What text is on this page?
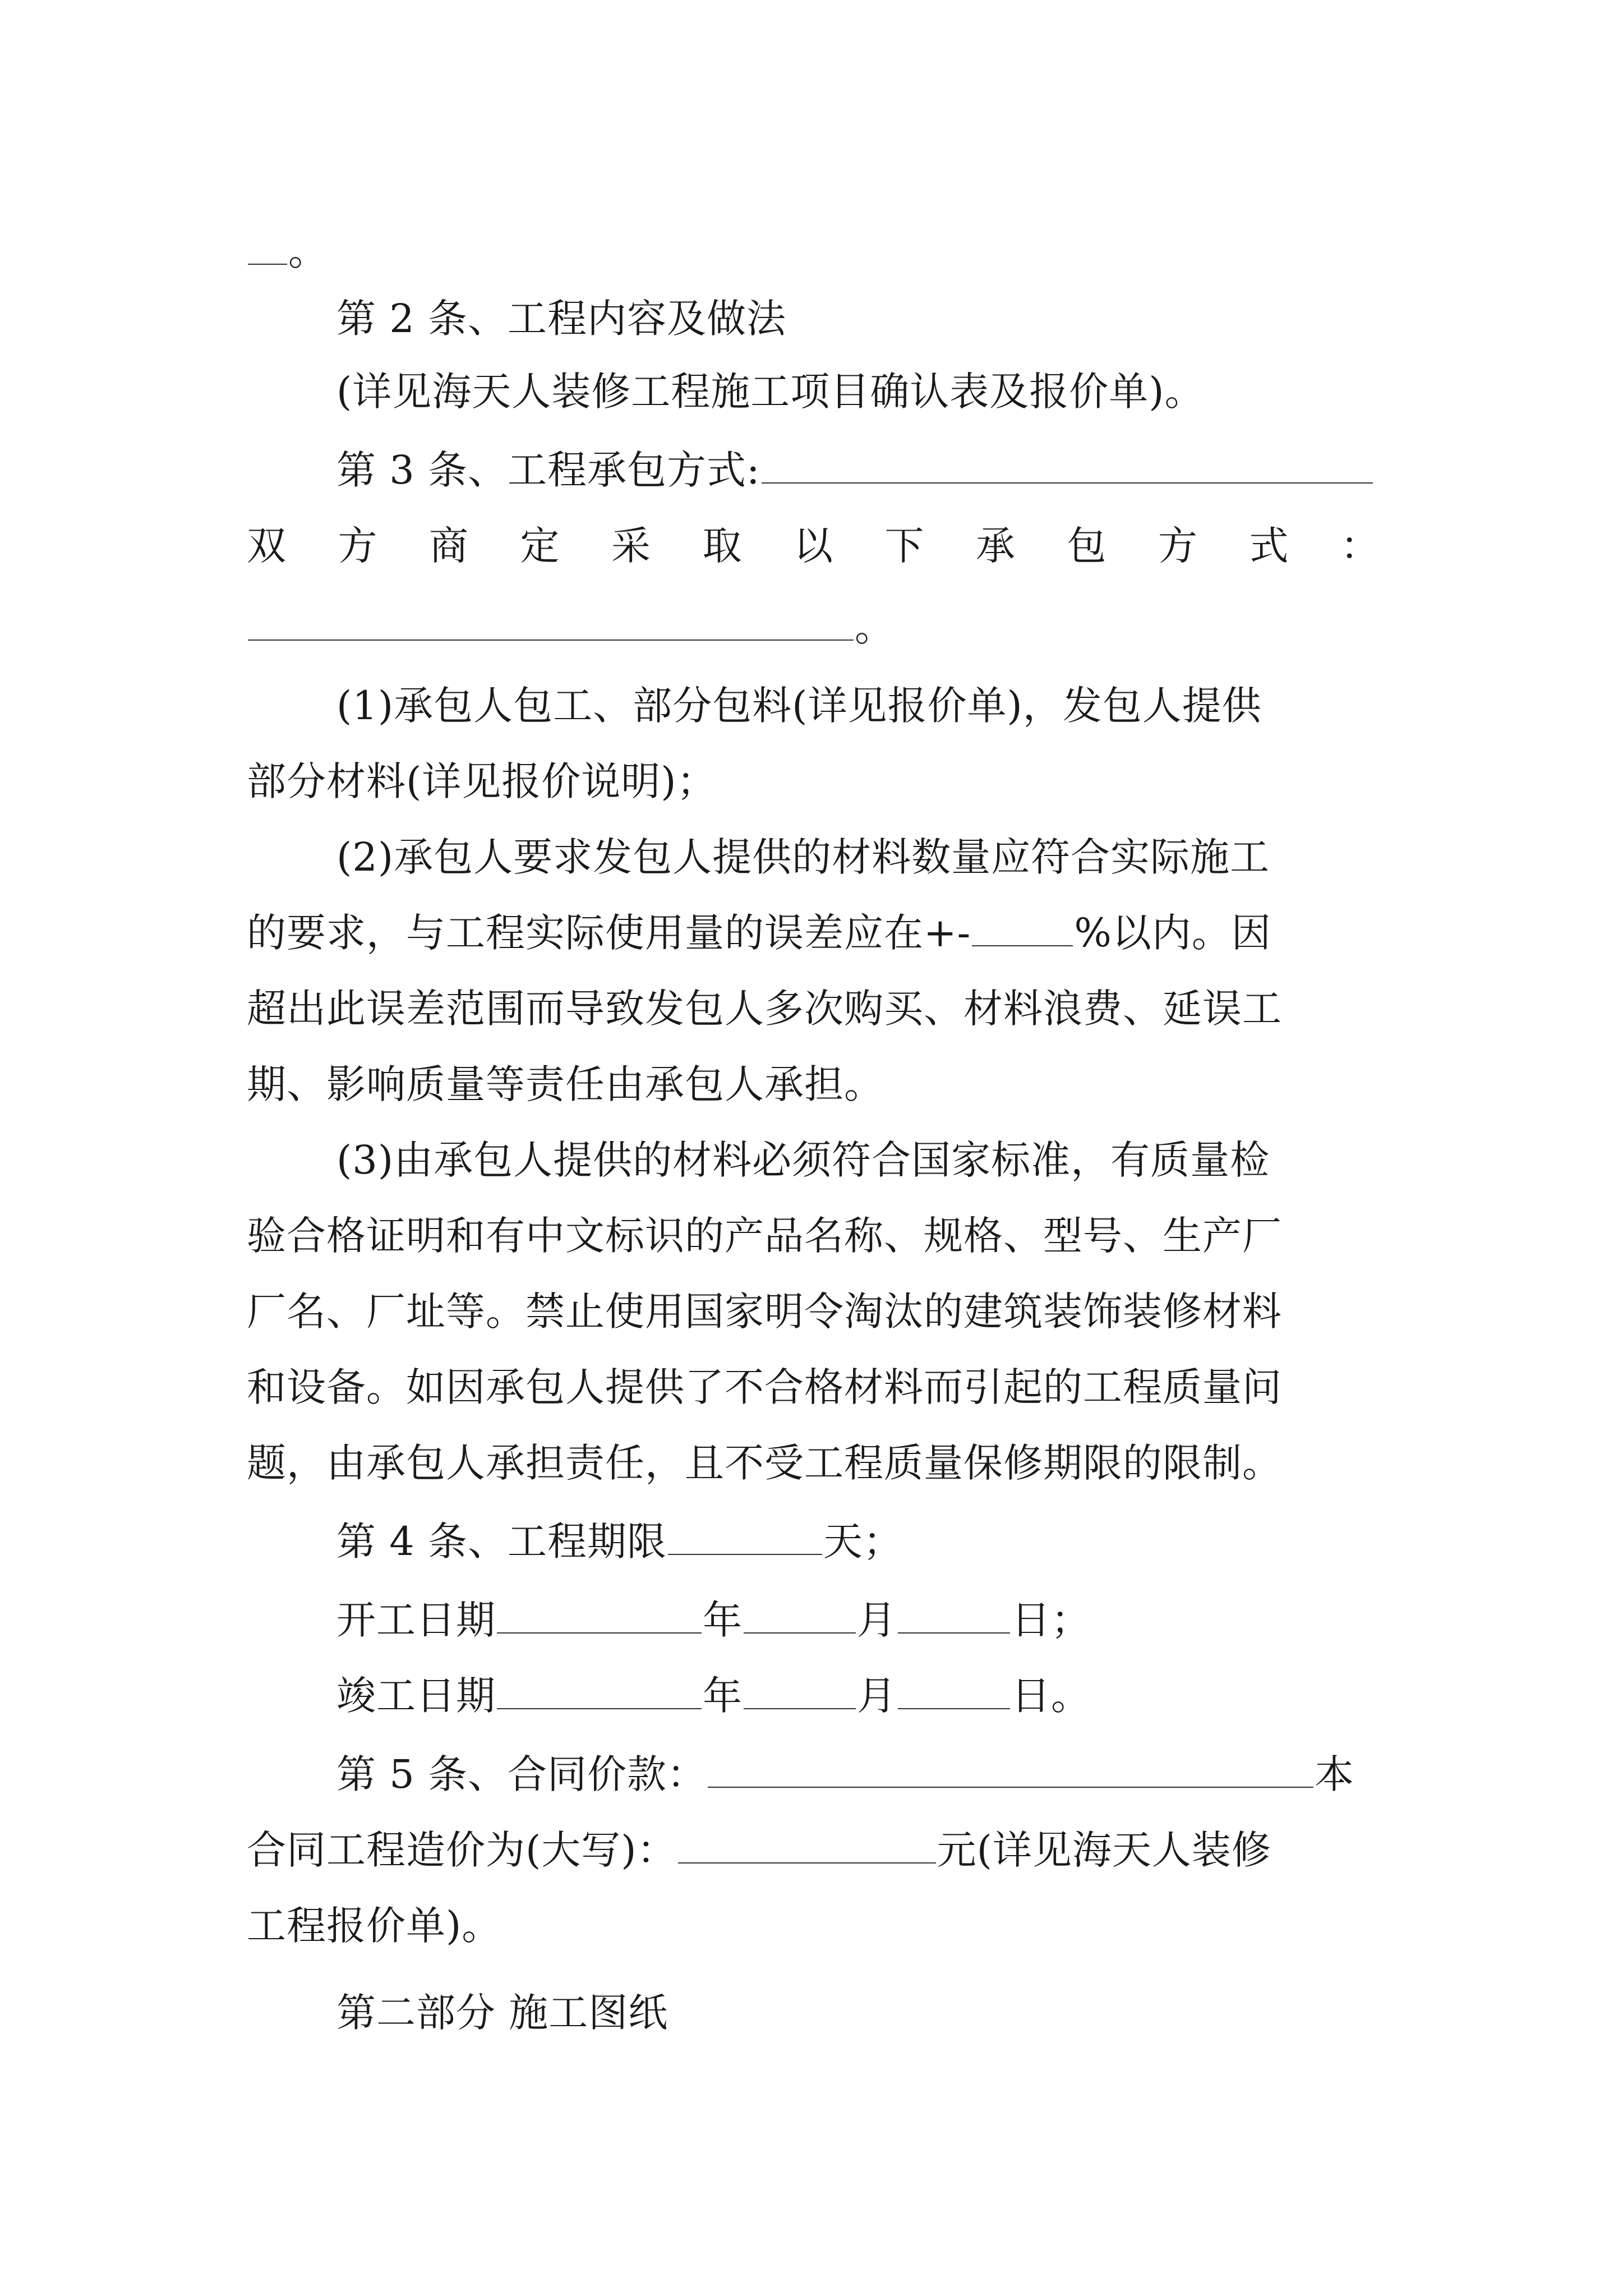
。
第 2 条、工程内容及做法
(详见海天人装修工程施工项目确认表及报价单)。
第 3 条、工程承包方式:
双 方 商 定 采 取 以 下 承 包 方 式 ：
。
(1)承包人包工、部分包料(详见报价单)，发包人提供
部分材料(详见报价说明)；
(2)承包人要求发包人提供的材料数量应符合实际施工
的要求，与工程实际使用量的误差应在+-	%以内。因
超出此误差范围而导致发包人多次购买、材料浪费、延误工
期、影响质量等责任由承包人承担。
(3)由承包人提供的材料必须符合国家标准，有质量检
验合格证明和有中文标识的产品名称、规格、型号、生产厂
厂名、厂址等。禁止使用国家明令淘汰的建筑装饰装修材料
和设备。如因承包人提供了不合格材料而引起的工程质量问
题，由承包人承担责任，且不受工程质量保修期限的限制。
第 4 条、工程期限	天；
开工日期	年	月	日；
竣工日期	年	月	日。
第 5 条、合同价款：	本
合同工程造价为(大写)：	元(详见海天人装修
工程报价单)。
第二部分 施工图纸
